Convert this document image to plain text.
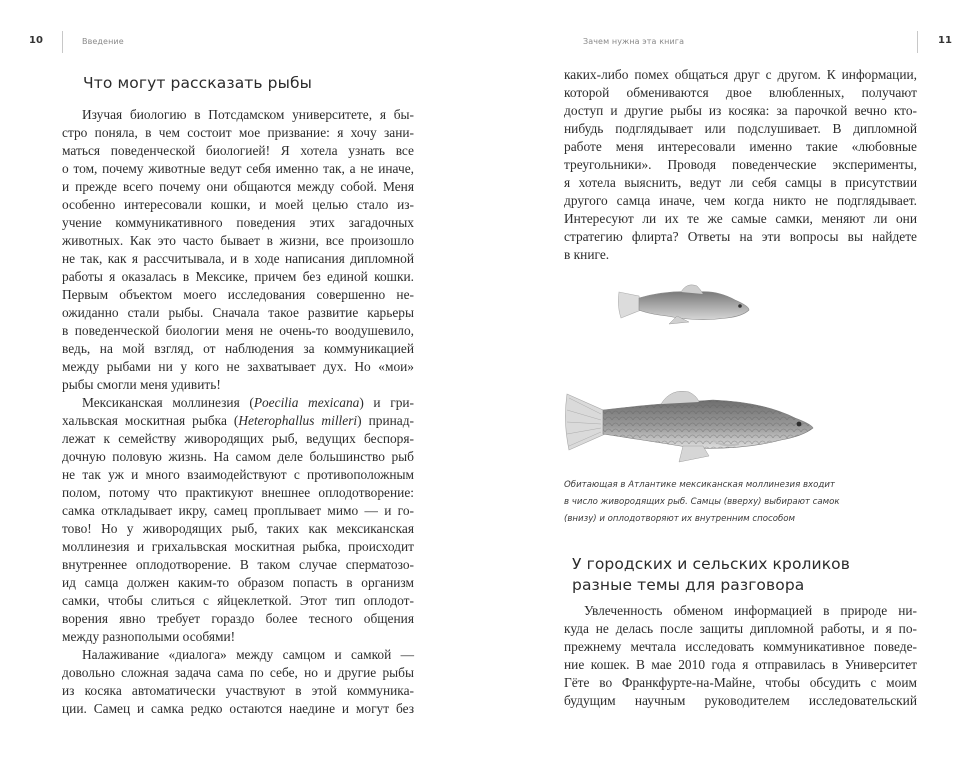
10	Введение
Что могут рассказать рыбы
Изучая биологию в Потсдамском университете, я бы-
стро поняла, в чем состоит мое призвание: я хочу зани-
маться поведенческой биологией! Я хотела узнать все
о том, почему животные ведут себя именно так, а не иначе,
и прежде всего почему они общаются между собой. Меня
особенно интересовали кошки, и моей целью стало из-
учение коммуникативного поведения этих загадочных
животных. Как это часто бывает в жизни, все произошло
не так, как я рассчитывала, и в ходе написания дипломной
работы я оказалась в Мексике, причем без единой кошки.
Первым объектом моего исследования совершенно не-
ожиданно стали рыбы. Сначала такое развитие карьеры
в поведенческой биологии меня не очень-то воодушевило,
ведь, на мой взгляд, от наблюдения за коммуникацией
между рыбами ни у кого не захватывает дух. Но «мои»
рыбы смогли меня удивить!
Мексиканская моллинезия (Poecilia mexicana) и гри-
хальвская москитная рыбка (Heterophallus milleri) принад-
лежат к семейству живородящих рыб, ведущих беспоря-
дочную половую жизнь. На самом деле большинство рыб
не так уж и много взаимодействуют с противоположным
полом, потому что практикуют внешнее оплодотворение:
самка откладывает икру, самец проплывает мимо — и го-
тово! Но у живородящих рыб, таких как мексиканская
моллинезия и грихальвская москитная рыбка, происходит
внутреннее оплодотворение. В таком случае сперматозо-
ид самца должен каким-то образом попасть в организм
самки, чтобы слиться с яйцеклеткой. Этот тип оплодот-
ворения явно требует гораздо более тесного общения
между разнополыми особями!
Налаживание «диалога» между самцом и самкой —
довольно сложная задача сама по себе, но и другие рыбы
из косяка автоматически участвуют в этой коммуника-
ции. Самец и самка редко остаются наедине и могут без
Зачем нужна эта книга	11
каких-либо помех общаться друг с другом. К информации,
которой обмениваются двое влюбленных, получают
доступ и другие рыбы из косяка: за парочкой вечно кто-
нибудь подглядывает или подслушивает. В дипломной
работе меня интересовали именно такие «любовные
треугольники». Проводя поведенческие эксперименты,
я хотела выяснить, ведут ли себя самцы в присутствии
другого самца иначе, чем когда никто не подглядывает.
Интересуют ли их те же самые самки, меняют ли они
стратегию флирта? Ответы на эти вопросы вы найдете
в книге.
Обитающая в Атлантике мексиканская моллинезия входит
в число живородящих рыб. Самцы (вверху) выбирают самок
(внизу) и оплодотворяют их внутренним способом
У городских и сельских кроликов
разные темы для разговора
Увлеченность обменом информацией в природе ни-
куда не делась после защиты дипломной работы, и я по-
прежнему мечтала исследовать коммуникативное поведе-
ние кошек. В мае 2010 года я отправилась в Университет
Гёте во Франкфурте-на-Майне, чтобы обсудить с моим
будущим научным руководителем исследовательский
